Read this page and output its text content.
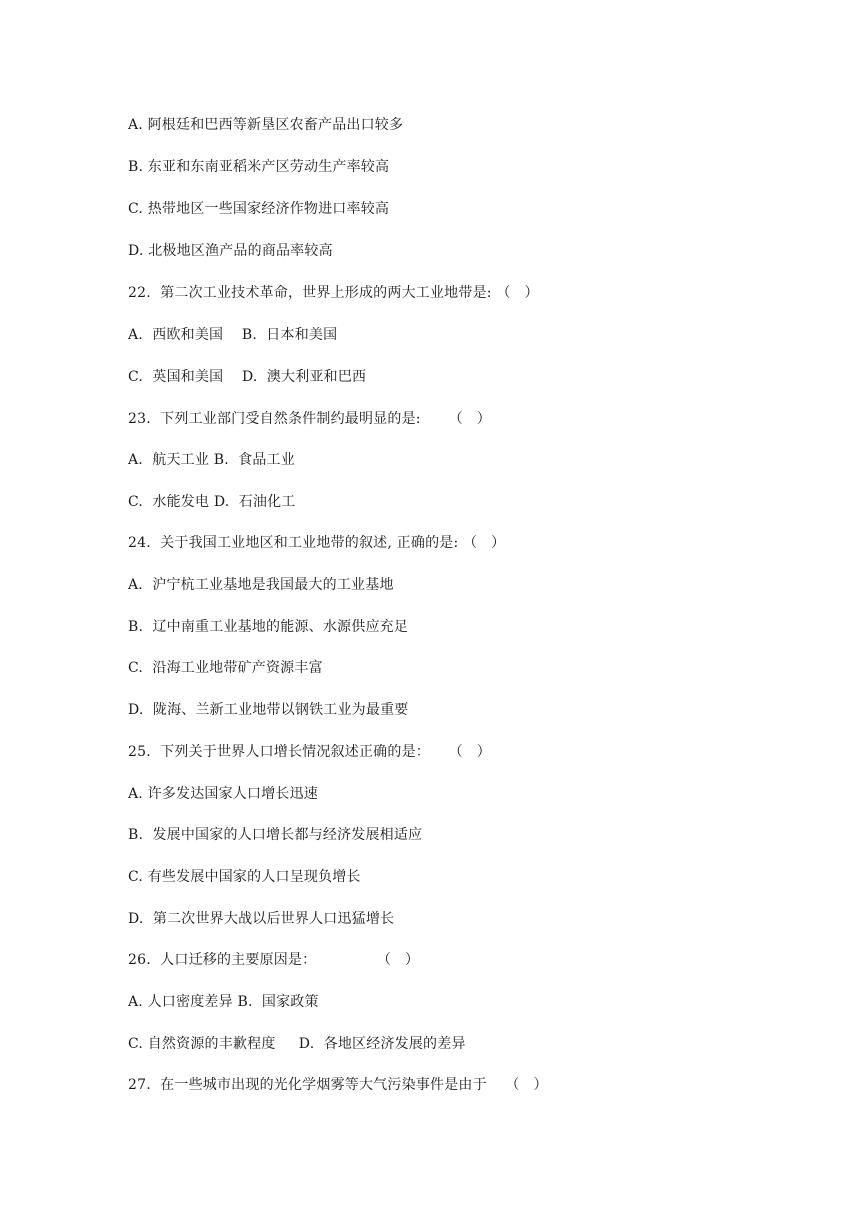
A. 阿根廷和巴西等新垦区农畜产品出口较多
B. 东亚和东南亚稻米产区劳动生产率较高
C. 热带地区一些国家经济作物进口率较高
D. 北极地区渔产品的商品率较高
22.  第二次工业技术革命，世界上形成的两大工业地带是: （   ）
A.  西欧和美国    B.  日本和美国
C.  英国和美国    D.  澳大利亚和巴西
23.  下列工业部门受自然条件制约最明显的是:      （   ）
A.  航天工业 B.  食品工业
C.  水能发电 D.  石油化工
24.  关于我国工业地区和工业地带的叙述, 正确的是: （   ）
A.  沪宁杭工业基地是我国最大的工业基地
B.  辽中南重工业基地的能源、水源供应充足
C.  沿海工业地带矿产资源丰富
D.  陇海、兰新工业地带以钢铁工业为最重要
25.  下列关于世界人口增长情况叙述正确的是：    （   ）
A. 许多发达国家人口增长迅速
B.  发展中国家的人口增长都与经济发展相适应
C. 有些发展中国家的人口呈现负增长
D.  第二次世界大战以后世界人口迅猛增长
26.  人口迁移的主要原因是：             （   ）
A. 人口密度差异 B.  国家政策
C. 自然资源的丰歉程度     D.  各地区经济发展的差异
27.  在一些城市出现的光化学烟雾等大气污染事件是由于    （   ）
